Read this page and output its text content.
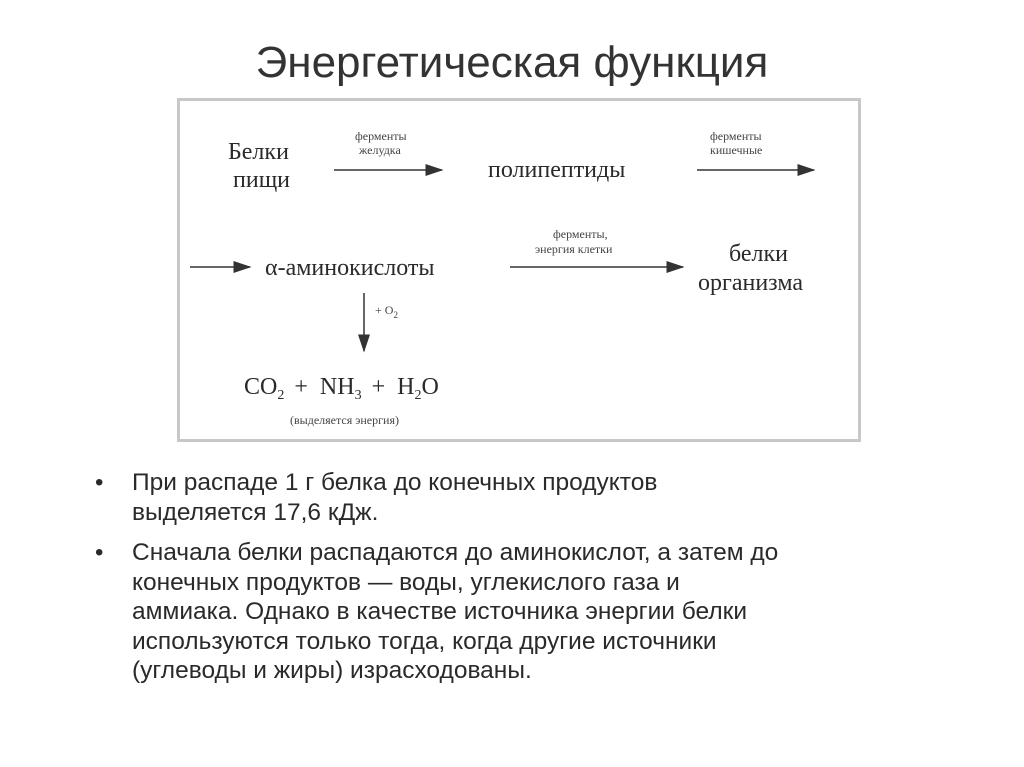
Энергетическая функция
Белки
пищи
ферменты
желудка
полипептиды
ферменты
кишечные
α-аминокислоты
ферменты,
энергия клетки	белки
организма
+ $O_2$
$CO_2 + NH_3 + H_2O$
(выделяется энергия)
• При распаде 1 г белка до конечных продуктов
выделяется 17,6 кДж.
• Сначала белки распадаются до аминокислот, а затем до
конечных продуктов — воды, углекислого газа и
аммиака. Однако в качестве источника энергии белки
используются только тогда, когда другие источники
(углеводы и жиры) израсходованы.
